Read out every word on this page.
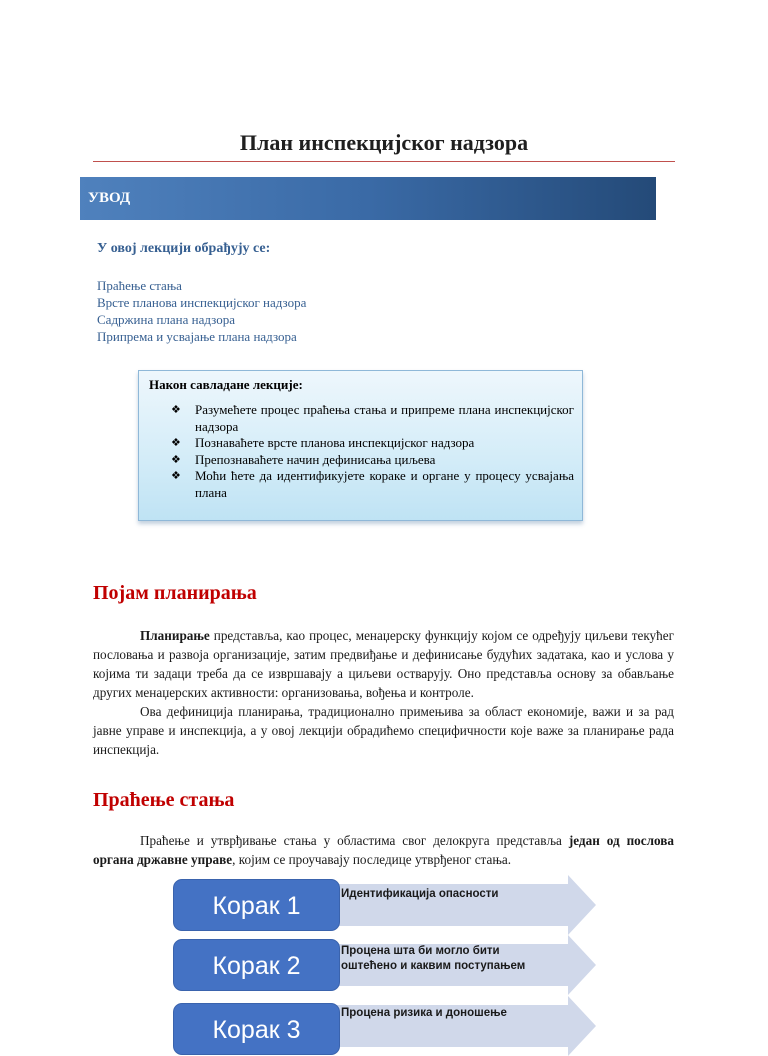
План инспекцијског надзора
УВОД
У овој лекцији обрађују се:
Праћење стања
Врсте планова инспекцијског надзора
Садржина плана надзора
Припрема и усвајање плана надзора
Након савладане лекције:
❖ Разумећете процес праћења стања и припреме плана инспекцијског надзора
❖ Познаваћете врсте планова инспекцијског надзора
❖ Препознаваћете начин дефинисања циљева
❖ Моћи ћете да идентификујете кораке и органе у процесу усвајања плана
Појам планирања

Планирање представља, као процес, менаџерску функцију којом се одређују циљеви текућег пословања и развоја организације, затим предвиђање и дефинисање будућих задатака, као и услова у којима ти задаци треба да се извршавају а циљеви остварују. Оно представља основу за обављање других менаџерских активности: организовања, вођења и контроле.

Ова дефиниција планирања, традиционално примењива за област економије, важи и за рад јавне управе и инспекција, а у овој лекцији обрадићемо специфичности које важе за планирање рада инспекција.

Праћење стања

Праћење и утврђивање стања у областима свог делокруга представља један од послова органа државне управе, којим се проучавају последице утврђеног стања.

Корак 1
Корак 2
Корак 3
Идентификација опасности
Процена шта би могло бити
оштећено и каквим поступањем
Процена ризика и доношење
